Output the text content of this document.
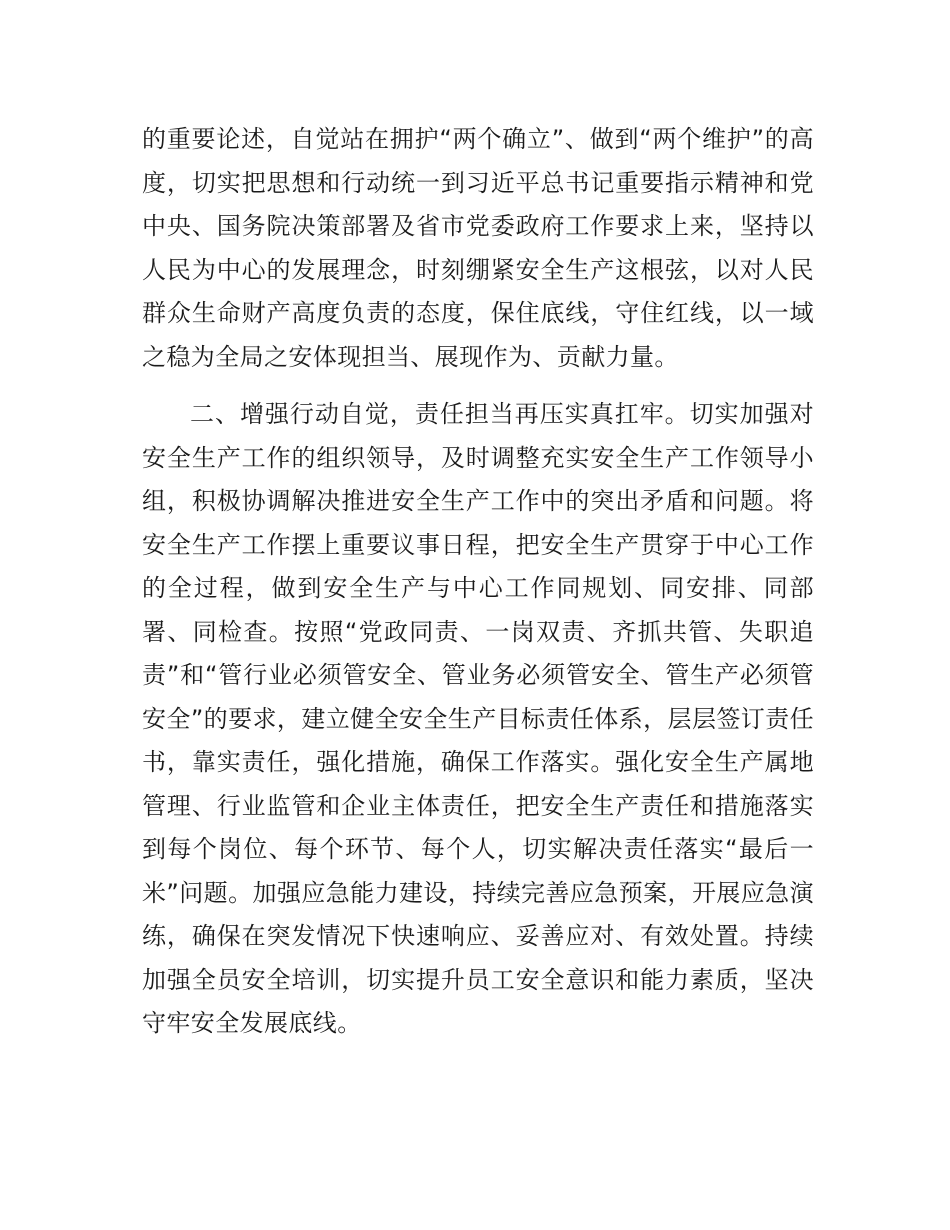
的重要论述，自觉站在拥护“两个确立”、做到“两个维护”的高度，切实把思想和行动统一到习近平总书记重要指示精神和党中央、国务院决策部署及省市党委政府工作要求上来，坚持以人民为中心的发展理念，时刻绷紧安全生产这根弦，以对人民群众生命财产高度负责的态度，保住底线，守住红线，以一域之稳为全局之安体现担当、展现作为、贡献力量。

二、增强行动自觉，责任担当再压实真扛牢。切实加强对安全生产工作的组织领导，及时调整充实安全生产工作领导小组，积极协调解决推进安全生产工作中的突出矛盾和问题。将安全生产工作摆上重要议事日程，把安全生产贯穿于中心工作的全过程，做到安全生产与中心工作同规划、同安排、同部署、同检查。按照“党政同责、一岗双责、齐抓共管、失职追责”和“管行业必须管安全、管业务必须管安全、管生产必须管安全”的要求，建立健全安全生产目标责任体系，层层签订责任书，靠实责任，强化措施，确保工作落实。强化安全生产属地管理、行业监管和企业主体责任，把安全生产责任和措施落实到每个岗位、每个环节、每个人，切实解决责任落实“最后一米”问题。加强应急能力建设，持续完善应急预案，开展应急演练，确保在突发情况下快速响应、妥善应对、有效处置。持续加强全员安全培训，切实提升员工安全意识和能力素质，坚决守牢安全发展底线。
